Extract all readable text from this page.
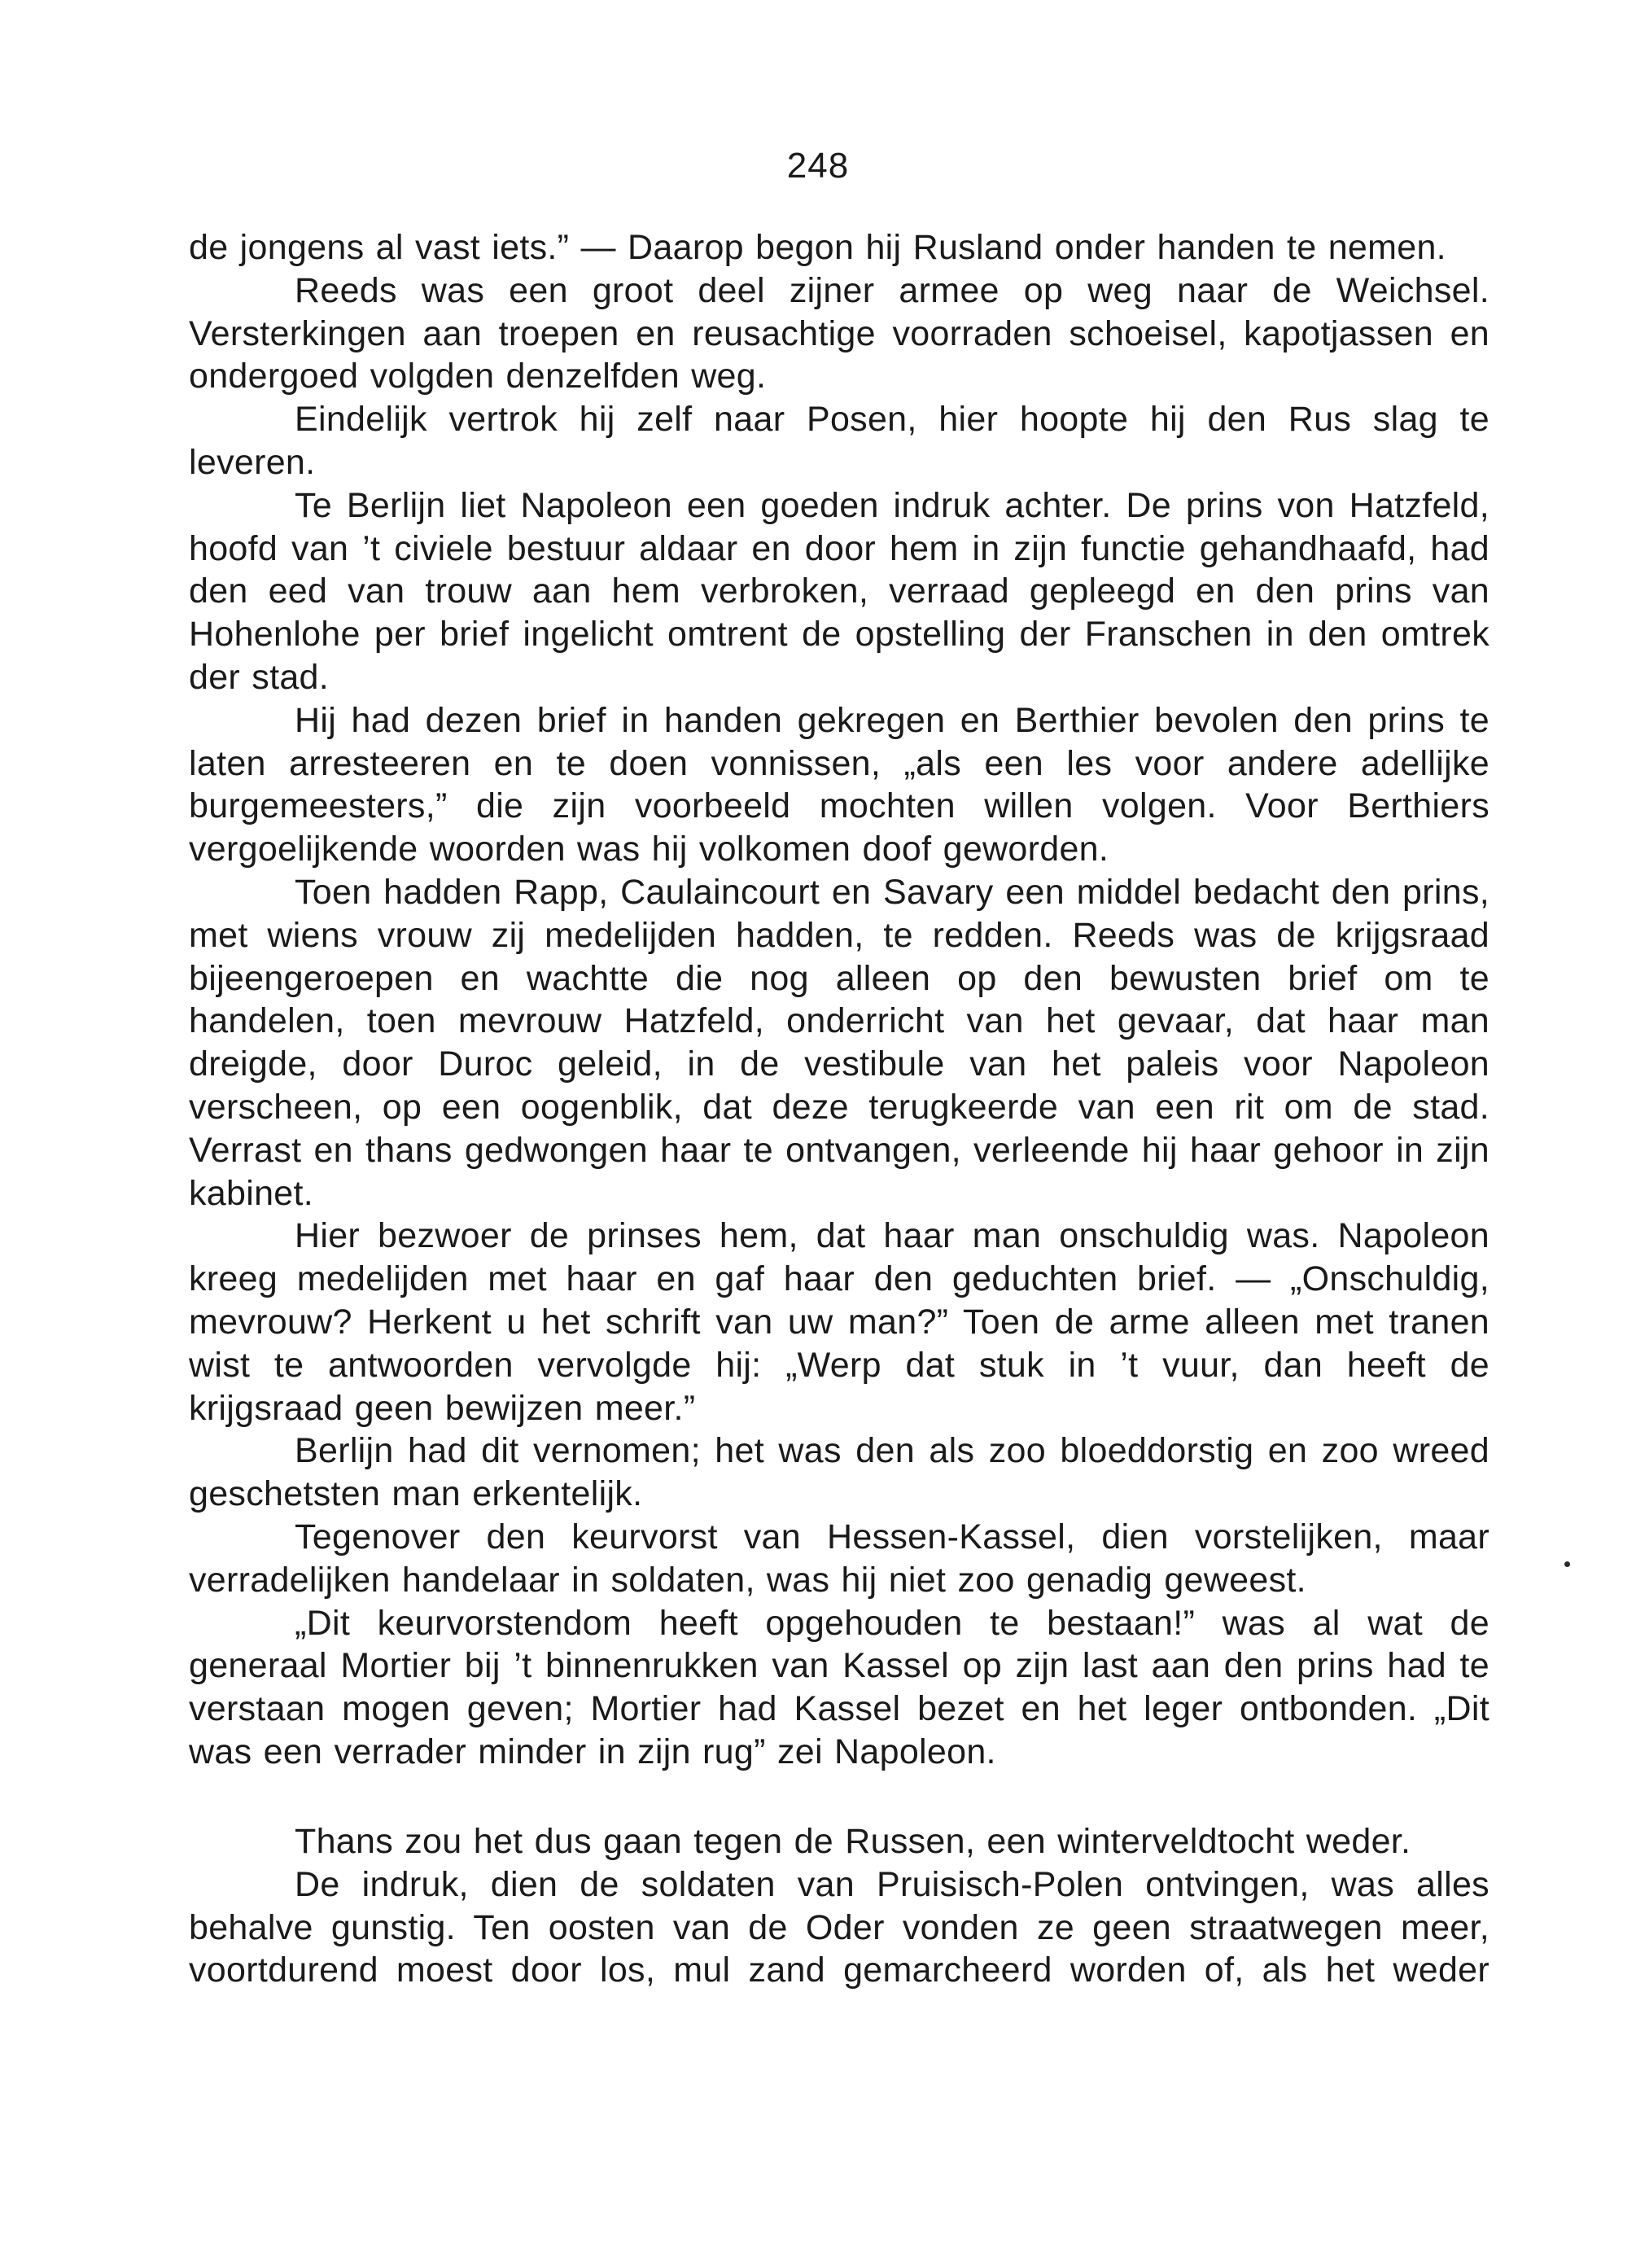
248

de jongens al vast iets.” — Daarop begon hij Rusland onder handen te nemen.

Reeds was een groot deel zijner armee op weg naar de Weichsel. Versterkingen aan troepen en reusachtige voorraden schoeisel, kapotjassen en ondergoed volgden denzelfden weg.

Eindelijk vertrok hij zelf naar Posen, hier hoopte hij den Rus slag te leveren.

Te Berlijn liet Napoleon een goeden indruk achter. De prins von Hatzfeld, hoofd van ’t civiele bestuur aldaar en door hem in zijn functie gehandhaafd, had den eed van trouw aan hem verbroken, verraad gepleegd en den prins van Hohenlohe per brief ingelicht omtrent de opstelling der Franschen in den omtrek der stad.

Hij had dezen brief in handen gekregen en Berthier bevolen den prins te laten arresteeren en te doen vonnissen, „als een les voor andere adellijke burgemeesters,” die zijn voorbeeld mochten willen volgen. Voor Berthiers vergoelijkende woorden was hij volkomen doof geworden.

Toen hadden Rapp, Caulaincourt en Savary een middel bedacht den prins, met wiens vrouw zij medelijden hadden, te redden. Reeds was de krijgsraad bijeengeroepen en wachtte die nog alleen op den bewusten brief om te handelen, toen mevrouw Hatzfeld, onderricht van het gevaar, dat haar man dreigde, door Duroc geleid, in de vestibule van het paleis voor Napoleon verscheen, op een oogenblik, dat deze terugkeerde van een rit om de stad. Verrast en thans gedwongen haar te ontvangen, verleende hij haar gehoor in zijn kabinet.

Hier bezwoer de prinses hem, dat haar man onschuldig was. Napoleon kreeg medelijden met haar en gaf haar den geduchten brief. — „Onschuldig, mevrouw? Herkent u het schrift van uw man?” Toen de arme alleen met tranen wist te antwoorden vervolgde hij: „Werp dat stuk in ’t vuur, dan heeft de krijgsraad geen bewijzen meer.”

Berlijn had dit vernomen; het was den als zoo bloeddorstig en zoo wreed geschetsten man erkentelijk.

Tegenover den keurvorst van Hessen-Kassel, dien vorstelijken, maar verradelijken handelaar in soldaten, was hij niet zoo genadig geweest.

„Dit keurvorstendom heeft opgehouden te bestaan!” was al wat de generaal Mortier bij ’t binnenrukken van Kassel op zijn last aan den prins had te verstaan mogen geven; Mortier had Kassel bezet en het leger ontbonden. „Dit was een verrader minder in zijn rug” zei Napoleon.

Thans zou het dus gaan tegen de Russen, een winterveldtocht weder.

De indruk, dien de soldaten van Pruisisch-Polen ontvingen, was alles behalve gunstig. Ten oosten van de Oder vonden ze geen straatwegen meer, voortdurend moest door los, mul zand gemarcheerd worden of, als het weder
